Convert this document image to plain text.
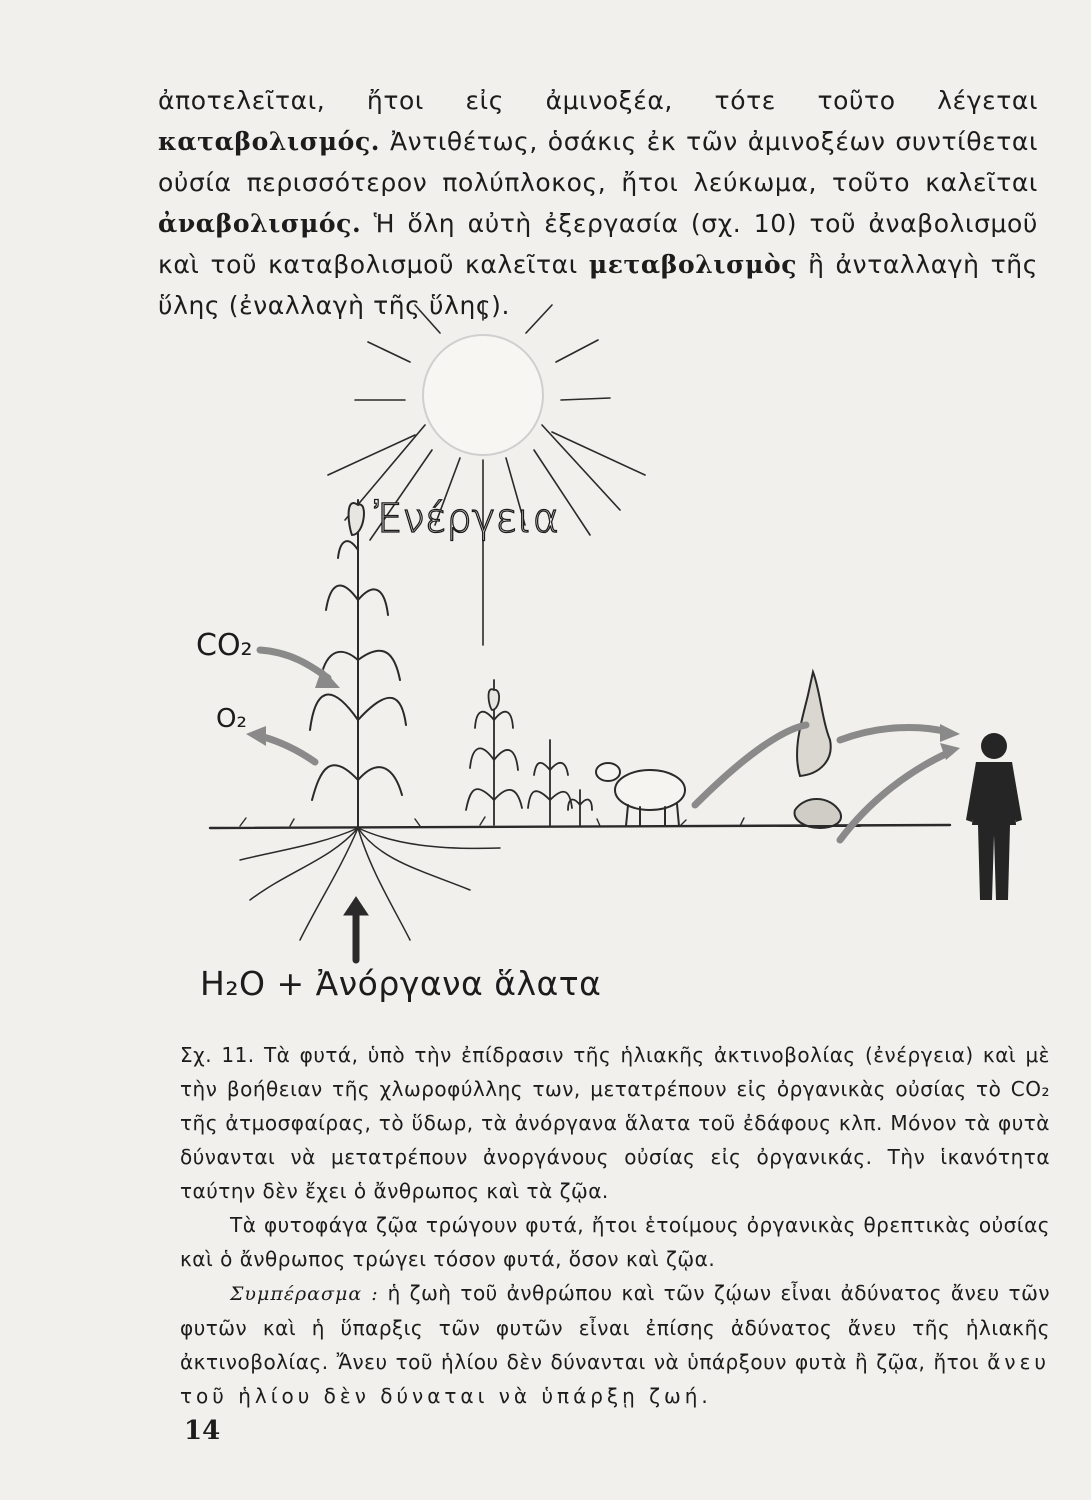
ἀποτελεῖται, ἤτοι εἰς ἀμινοξέα, τότε τοῦτο λέγεται καταβολισμός. Ἀντιθέτως, ὁσάκις ἐκ τῶν ἀμινοξέων συντίθεται οὐσία περισσότερον πολύπλοκος, ἤτοι λεύκωμα, τοῦτο καλεῖται ἀναβολισμός. Ἡ ὅλη αὐτὴ ἐξεργασία (σχ. 10) τοῦ ἀναβολισμοῦ καὶ τοῦ καταβολισμοῦ καλεῖται μεταβολισμὸς ἢ ἀνταλλαγὴ τῆς ὕλης (ἐναλλαγὴ τῆς ὕλης).
CO₂
O₂
Ἐνέργεια
H₂O + Ἀνόργανα ἅλατα

Σχ. 11. Τὰ φυτά, ὑπὸ τὴν ἐπίδρασιν τῆς ἡλιακῆς ἀκτινοβολίας (ἐνέργεια) καὶ μὲ τὴν βοήθειαν τῆς χλωροφύλλης των, μετατρέπουν εἰς ὀργανικὰς οὐσίας τὸ CO₂ τῆς ἀτμοσφαίρας, τὸ ὕδωρ, τὰ ἀνόργανα ἅλατα τοῦ ἐδάφους κλπ. Μόνον τὰ φυτὰ δύνανται νὰ μετατρέπουν ἀνοργάνους οὐσίας εἰς ὀργανικάς. Τὴν ἱκανότητα ταύτην δὲν ἔχει ὁ ἄνθρωπος καὶ τὰ ζῷα.

Τὰ φυτοφάγα ζῷα τρώγουν φυτά, ἤτοι ἑτοίμους ὀργανικὰς θρεπτικὰς οὐσίας καὶ ὁ ἄνθρωπος τρώγει τόσον φυτά, ὅσον καὶ ζῷα.

Συμπέρασμα : ἡ ζωὴ τοῦ ἀνθρώπου καὶ τῶν ζῴων εἶναι ἀδύνατος ἄνευ τῶν φυτῶν καὶ ἡ ὕπαρξις τῶν φυτῶν εἶναι ἐπίσης ἀδύνατος ἄνευ τῆς ἡλιακῆς ἀκτινοβολίας. Ἄνευ τοῦ ἡλίου δὲν δύνανται νὰ ὑπάρξουν φυτὰ ἢ ζῷα, ἤτοι ἄνευ τοῦ ἡλίου δὲν δύναται νὰ ὑπάρξῃ ζωή.

14
